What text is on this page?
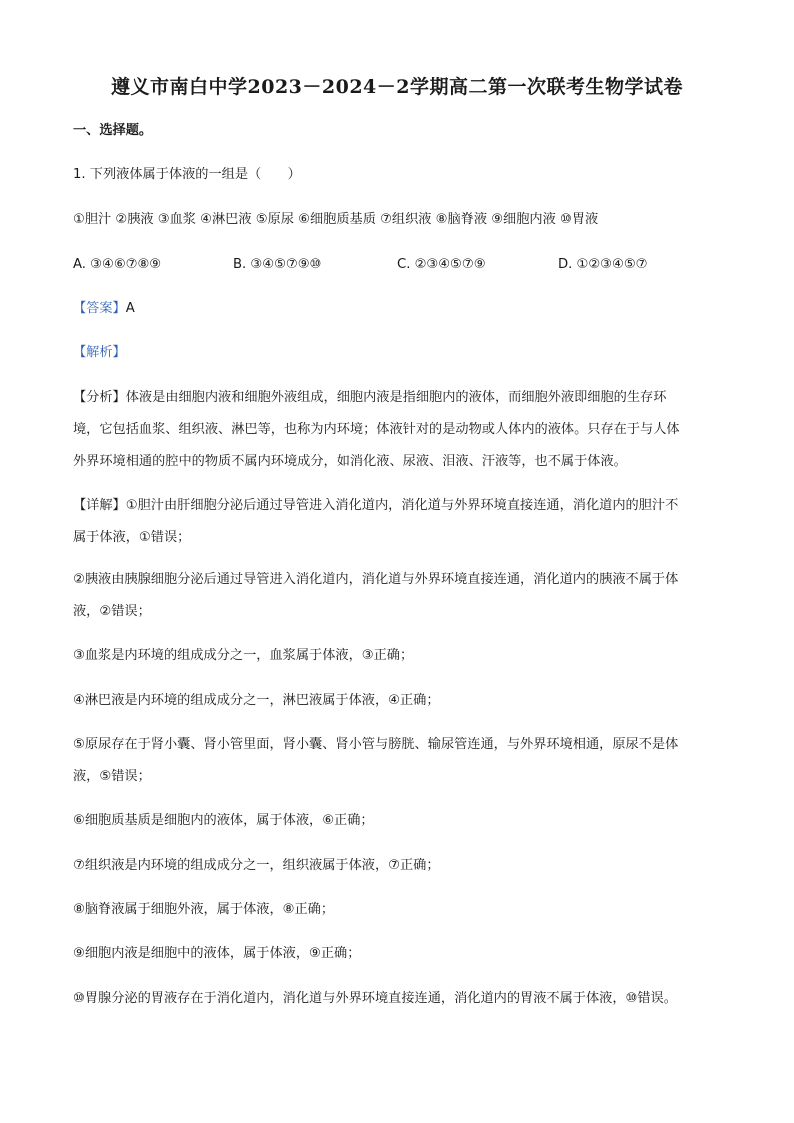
遵义市南白中学2023－2024－2学期高二第一次联考生物学试卷
一、选择题。
1. 下列液体属于体液的一组是（　　）
①胆汁 ②胰液 ③血浆 ④淋巴液 ⑤原尿 ⑥细胞质基质 ⑦组织液 ⑧脑脊液 ⑨细胞内液 ⑩胃液
A. ③④⑥⑦⑧⑨	B. ③④⑤⑦⑨⑩	C. ②③④⑤⑦⑨	D. ①②③④⑤⑦
【答案】A
【解析】
【分析】体液是由细胞内液和细胞外液组成，细胞内液是指细胞内的液体，而细胞外液即细胞的生存环
境，它包括血浆、组织液、淋巴等，也称为内环境；体液针对的是动物或人体内的液体。只存在于与人体
外界环境相通的腔中的物质不属内环境成分，如消化液、尿液、泪液、汗液等，也不属于体液。
【详解】①胆汁由肝细胞分泌后通过导管进入消化道内，消化道与外界环境直接连通，消化道内的胆汁不
属于体液，①错误；
②胰液由胰腺细胞分泌后通过导管进入消化道内，消化道与外界环境直接连通，消化道内的胰液不属于体
液，②错误；
③血浆是内环境的组成成分之一，血浆属于体液，③正确；
④淋巴液是内环境的组成成分之一，淋巴液属于体液，④正确；
⑤原尿存在于肾小囊、肾小管里面，肾小囊、肾小管与膀胱、输尿管连通，与外界环境相通，原尿不是体
液，⑤错误；
⑥细胞质基质是细胞内的液体，属于体液，⑥正确；
⑦组织液是内环境的组成成分之一，组织液属于体液，⑦正确；
⑧脑脊液属于细胞外液，属于体液，⑧正确；
⑨细胞内液是细胞中的液体，属于体液，⑨正确；
⑩胃腺分泌的胃液存在于消化道内，消化道与外界环境直接连通，消化道内的胃液不属于体液，⑩错误。
